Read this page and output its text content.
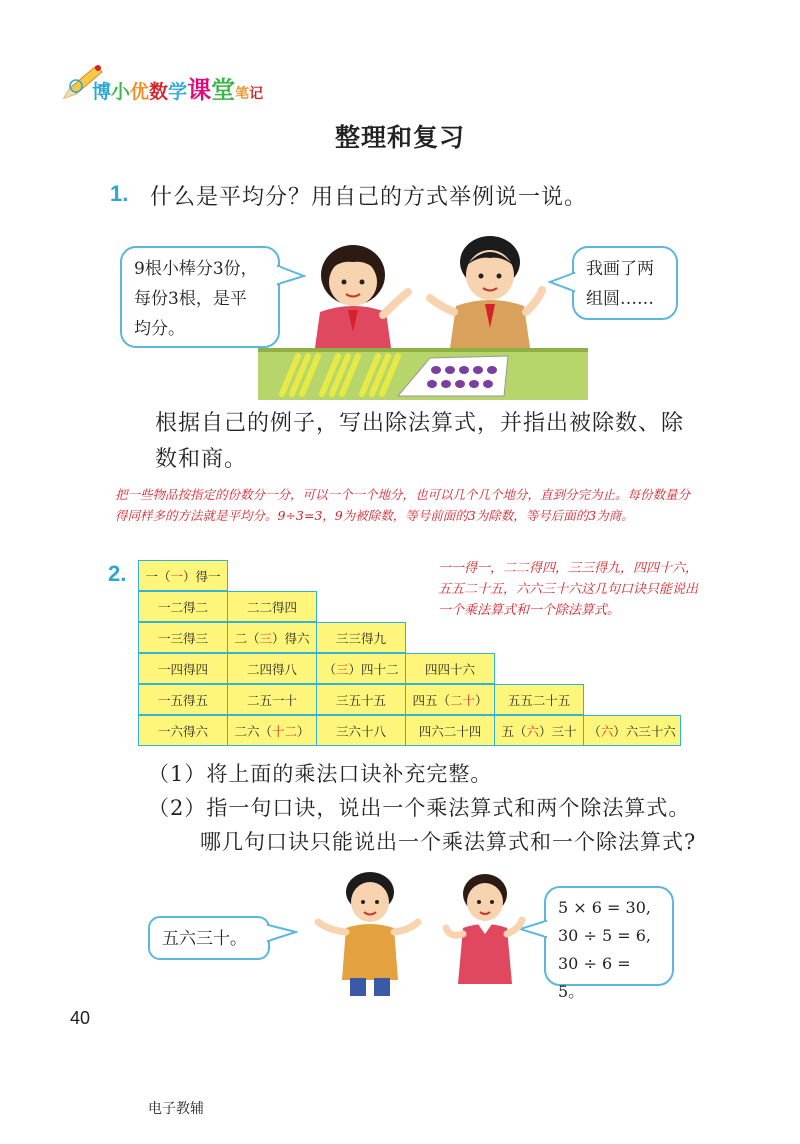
博小优数学课堂笔记
整理和复习
1. 什么是平均分？用自己的方式举例说一说。
9根小棒分3份，
每份3根，是平
均分。
我画了两
组圆……
根据自己的例子，写出除法算式，并指出被除数、除
数和商。
把一些物品按指定的份数分一分，可以一个一个地分，也可以几个几个地分，直到分完为止。每份数量分得同样多的方法就是平均分。9÷3=3，9为被除数，等号前面的3为除数，等号后面的3为商。
2. 一（ 一 ）得一
一二得二	二二得四
一三得三 二（ 三 ）得六 三三得九
一四得四	二四得八 （ 三 ）四十二 四四十六
一五得五	二五一十	三五十五 四五（ 二十 ） 五五二十五
一六得六 二六（ 十二 ） 三六十八	四六二十四 五（ 六 ）三十 （ 六 ）六三十六
一一得一，二二得四，三三得九，四四十六，五五二十五，六六三十六这几句口诀只能说出一个乘法算式和一个除法算式。
（1）将上面的乘法口诀补充完整。
（2）指一句口诀，说出一个乘法算式和两个除法算式。
哪几句口诀只能说出一个乘法算式和一个除法算式?
五六三十。
5 × 6 = 30,
30 ÷ 5 = 6,
30 ÷ 6 = 5。
40
电子教辅
